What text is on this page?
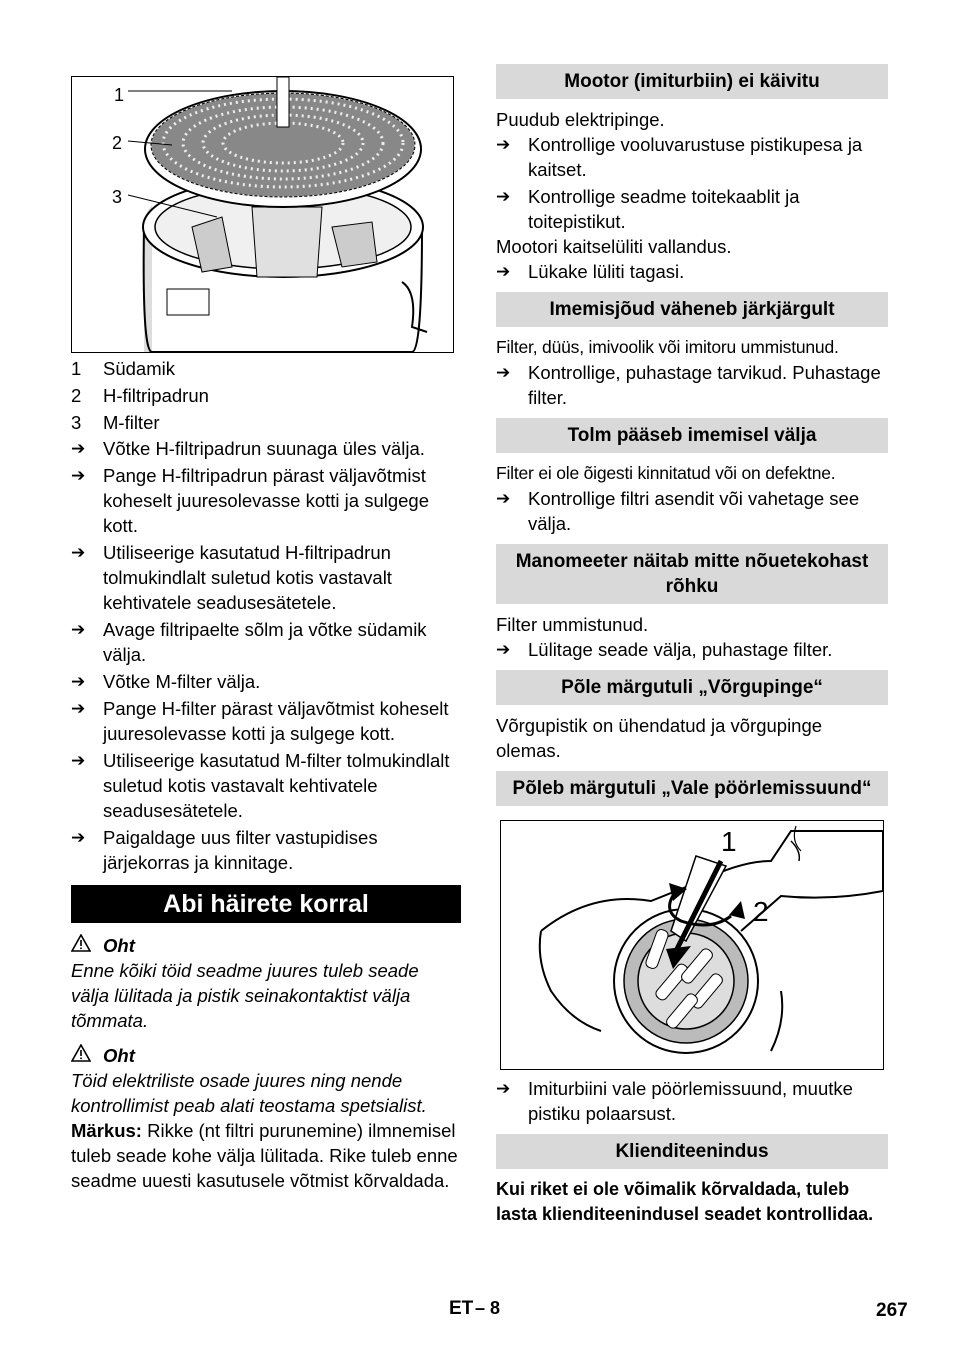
1
2
3
1	Südamik
2	H-filtripadrun
3	M-filter
➔ Võtke H-filtripadrun suunaga üles välja.
➔ Pange H-filtripadrun pärast väljavõtmist koheselt juuresolevasse kotti ja sulgege kott.
➔ Utiliseerige kasutatud H-filtripadrun tolmukindlalt suletud kotis vastavalt kehtivatele seadusesätetele.
➔ Avage filtripaelte sõlm ja võtke südamik välja.
➔ Võtke M-filter välja.
➔ Pange H-filter pärast väljavõtmist koheselt juuresolevasse kotti ja sulgege kott.
➔ Utiliseerige kasutatud M-filter tolmukindlalt suletud kotis vastavalt kehtivatele seadusesätetele.
➔ Paigaldage uus filter vastupidises järjekorras ja kinnitage.
Abi häirete korral
Oht
Enne kõiki töid seadme juures tuleb seade välja lülitada ja pistik seinakontaktist välja tõmmata.
Oht
Töid elektriliste osade juures ning nende kontrollimist peab alati teostama spetsialist.
Märkus: Rikke (nt filtri purunemine) ilmnemisel tuleb seade kohe välja lülitada. Rike tuleb enne seadme uuesti kasutusele võtmist kõrvaldada.
Mootor (imiturbiin) ei käivitu
Puudub elektripinge.
➔ Kontrollige vooluvarustuse pistikupesa ja kaitset.
➔ Kontrollige seadme toitekaablit ja toitepistikut.
Mootori kaitselüliti vallandus.
➔ Lükake lüliti tagasi.
Imemisjõud väheneb järkjärgult
Filter, düüs, imivoolik või imitoru ummistunud.
➔ Kontrollige, puhastage tarvikud. Puhastage filter.
Tolm pääseb imemisel välja
Filter ei ole õigesti kinnitatud või on defektne.
➔ Kontrollige filtri asendit või vahetage see välja.
Manomeeter näitab mitte nõuetekohast rõhku
Filter ummistunud.
➔ Lülitage seade välja, puhastage filter.
Põle märgutuli „Võrgupinge“
Võrgupistik on ühendatud ja võrgupinge olemas.
Põleb märgutuli „Vale pöörlemissuund“
1
2
➔ Imiturbiini vale pöörlemissuund, muutke pistiku polaarsust.
Klienditeenindus
Kui riket ei ole võimalik kõrvaldada, tuleb lasta klienditeenindusel seadet kontrollidaa.
ET – 8	267
